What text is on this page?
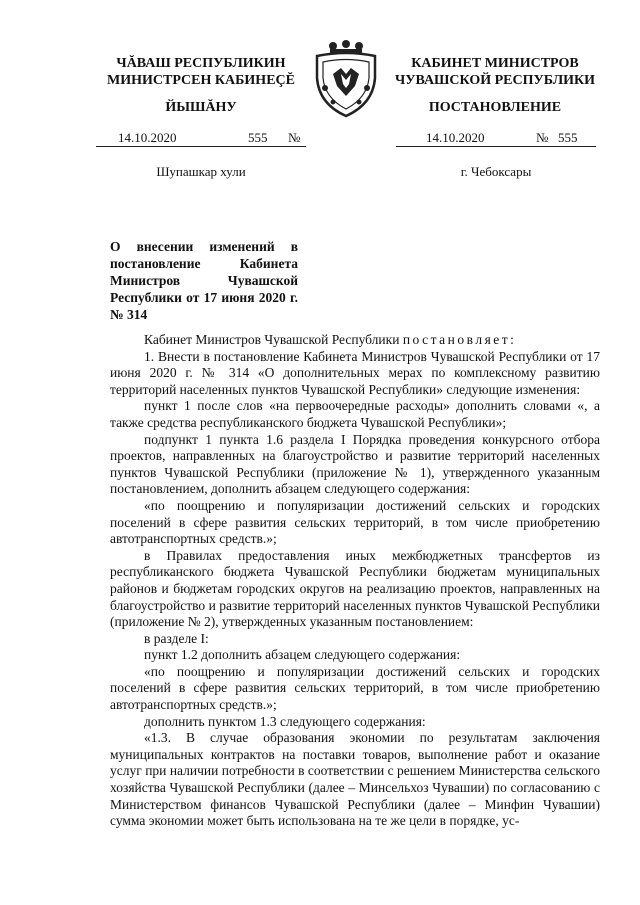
ЧĂВАШ РЕСПУБЛИКИН
МИНИСТРСЕН КАБИНЕÇĔ
ЙЫШĂНУ
КАБИНЕТ МИНИСТРОВ
ЧУВАШСКОЙ РЕСПУБЛИКИ
ПОСТАНОВЛЕНИЕ
14.10.2020	555 №	14.10.2020	№ 555
Шупашкар хули	г. Чебоксары
О внесении изменений в постановление Кабинета Министров Чувашской Республики от 17 июня 2020 г. № 314

Кабинет Министров Чувашской Республики постановляет:

1. Внести в постановление Кабинета Министров Чувашской Республики от 17 июня 2020 г. № 314 «О дополнительных мерах по комплексному развитию территорий населенных пунктов Чувашской Республики» следующие изменения:

пункт 1 после слов «на первоочередные расходы» дополнить словами «, а также средства республиканского бюджета Чувашской Республики»;

подпункт 1 пункта 1.6 раздела I Порядка проведения конкурсного отбора проектов, направленных на благоустройство и развитие территорий населенных пунктов Чувашской Республики (приложение № 1), утвержденного указанным постановлением, дополнить абзацем следующего содержания:

«по поощрению и популяризации достижений сельских и городских поселений в сфере развития сельских территорий, в том числе приобретению автотранспортных средств.»;

в Правилах предоставления иных межбюджетных трансфертов из республиканского бюджета Чувашской Республики бюджетам муниципальных районов и бюджетам городских округов на реализацию проектов, направленных на благоустройство и развитие территорий населенных пунктов Чувашской Республики (приложение № 2), утвержденных указанным постановлением:

в разделе I:

пункт 1.2 дополнить абзацем следующего содержания:

«по поощрению и популяризации достижений сельских и городских поселений в сфере развития сельских территорий, в том числе приобретению автотранспортных средств.»;

дополнить пунктом 1.3 следующего содержания:

«1.3. В случае образования экономии по результатам заключения муниципальных контрактов на поставки товаров, выполнение работ и оказание услуг при наличии потребности в соответствии с решением Министерства сельского хозяйства Чувашской Республики (далее – Минсельхоз Чувашии) по согласованию с Министерством финансов Чувашской Республики (далее – Минфин Чувашии) сумма экономии может быть использована на те же цели в порядке, ус-
